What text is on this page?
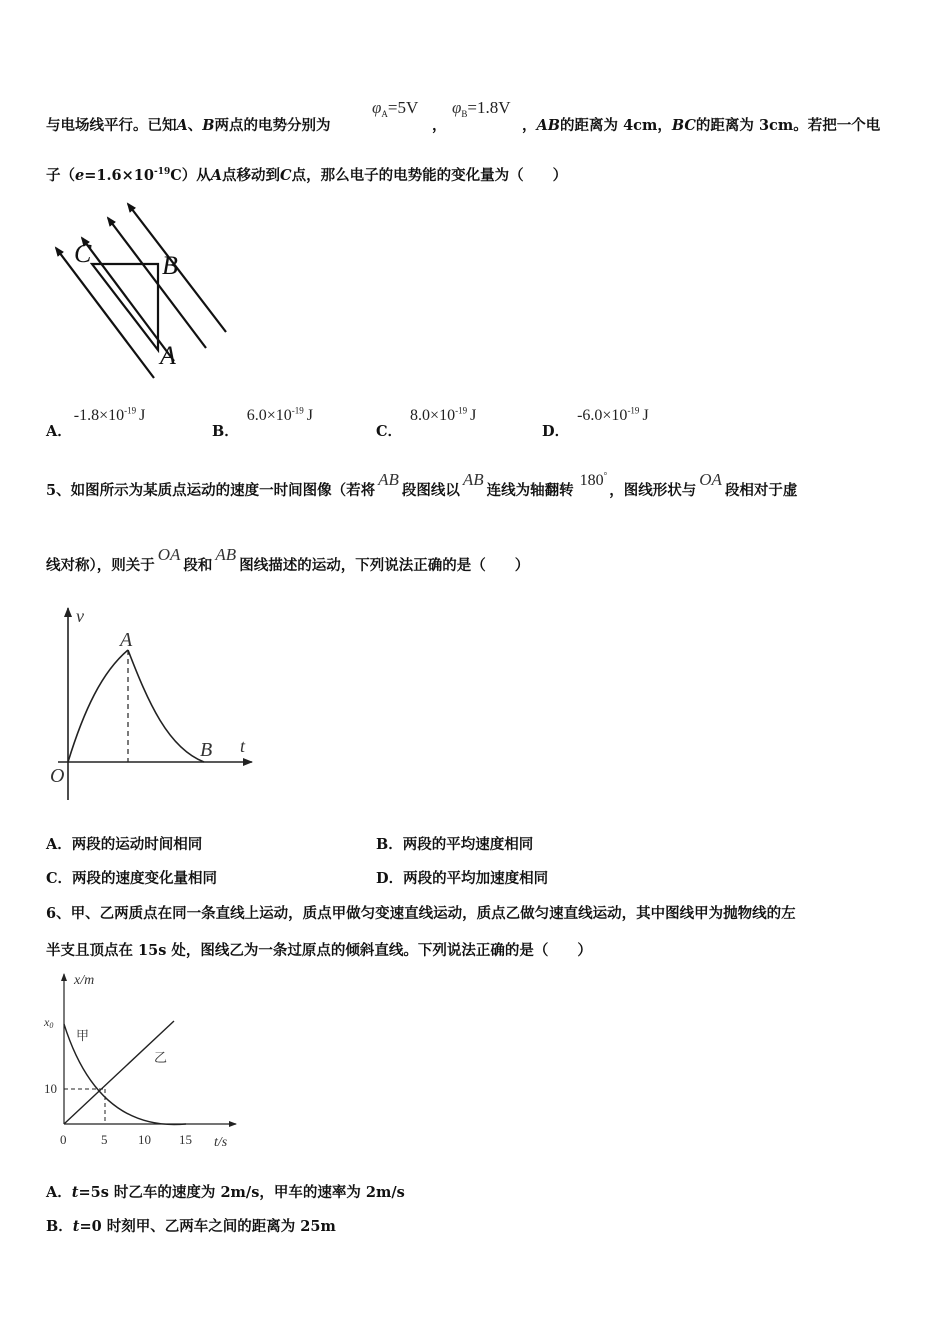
与电场线平行。已知A、B两点的电势分别为
$\varphi_A=5V$
，
$\varphi_B=1.8V$
，AB的距离为 4cm，BC的距离为 3cm。若把一个电
子$(e=1.6\times 10^{-19}C)$从A点移动到C点，那么电子的电势能的变化量为（　　）
C	B
A
A．$-1.8\times 10^{-19}$ J
B．$6.0\times 10^{-19}$ J
C．$8.0\times 10^{-19}$ J
D．$-6.0\times 10^{-19}$ J
5、如图所示为某质点运动的速度一时间图像（若将AB段图线以AB连线为轴翻转180°，图线形状与OA段相对于虚
线对称），则关于OA段和AB图线描述的运动，下列说法正确的是（　　）
v
t
O
A
B
A．两段的运动时间相同	B．两段的平均速度相同
C．两段的速度变化量相同	D．两段的平均加速度相同
6、甲、乙两质点在同一条直线上运动，质点甲做匀变速直线运动，质点乙做匀速直线运动，其中图线甲为抛物线的左
半支且顶点在 15s 处，图线乙为一条过原点的倾斜直线。下列说法正确的是（　　）
x/m
x0
甲
乙
10
0	5 10 15 t/s
A．t=5s 时乙车的速度为 2m/s，甲车的速率为 2m/s
B．t=0 时刻甲、乙两车之间的距离为 25m
